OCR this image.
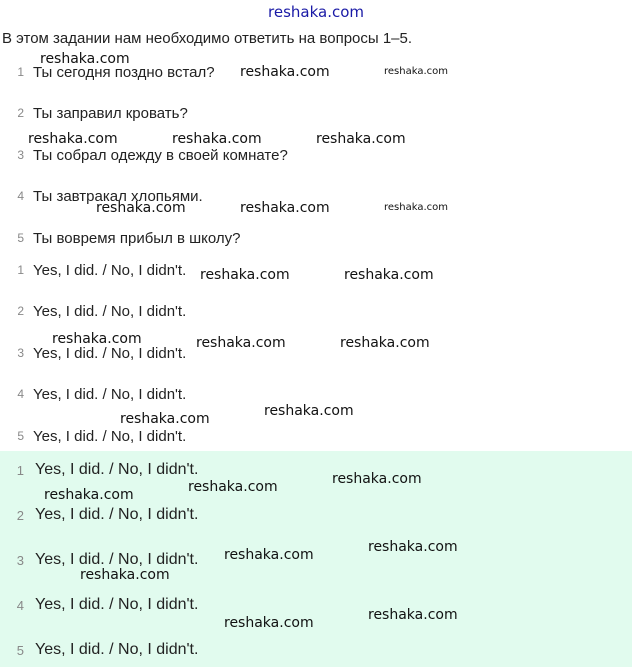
reshaka.com
В этом задании нам необходимо ответить на вопросы 1–5.
1 Ты сегодня поздно встал?
2 Ты заправил кровать?
3 Ты собрал одежду в своей комнате?
4 Ты завтракал хлопьями.
5 Ты вовремя прибыл в школу?
1 Yes, I did. / No, I didn't.
2 Yes, I did. / No, I didn't.
3 Yes, I did. / No, I didn't.
4 Yes, I did. / No, I didn't.
5 Yes, I did. / No, I didn't.
1 Yes, I did. / No, I didn't.
2 Yes, I did. / No, I didn't.
3 Yes, I did. / No, I didn't.
4 Yes, I did. / No, I didn't.
5 Yes, I did. / No, I didn't.
reshaka.com
reshaka.com	reshaka.com
reshaka.com	reshaka.com	reshaka.com
reshaka.com	reshaka.com	reshaka.com
reshaka.com	reshaka.com
reshaka.com	reshaka.com	reshaka.com
reshaka.com
reshaka.com
reshaka.com
reshaka.com
reshaka.com
reshaka.com
reshaka.com
reshaka.com
reshaka.com
reshaka.com
